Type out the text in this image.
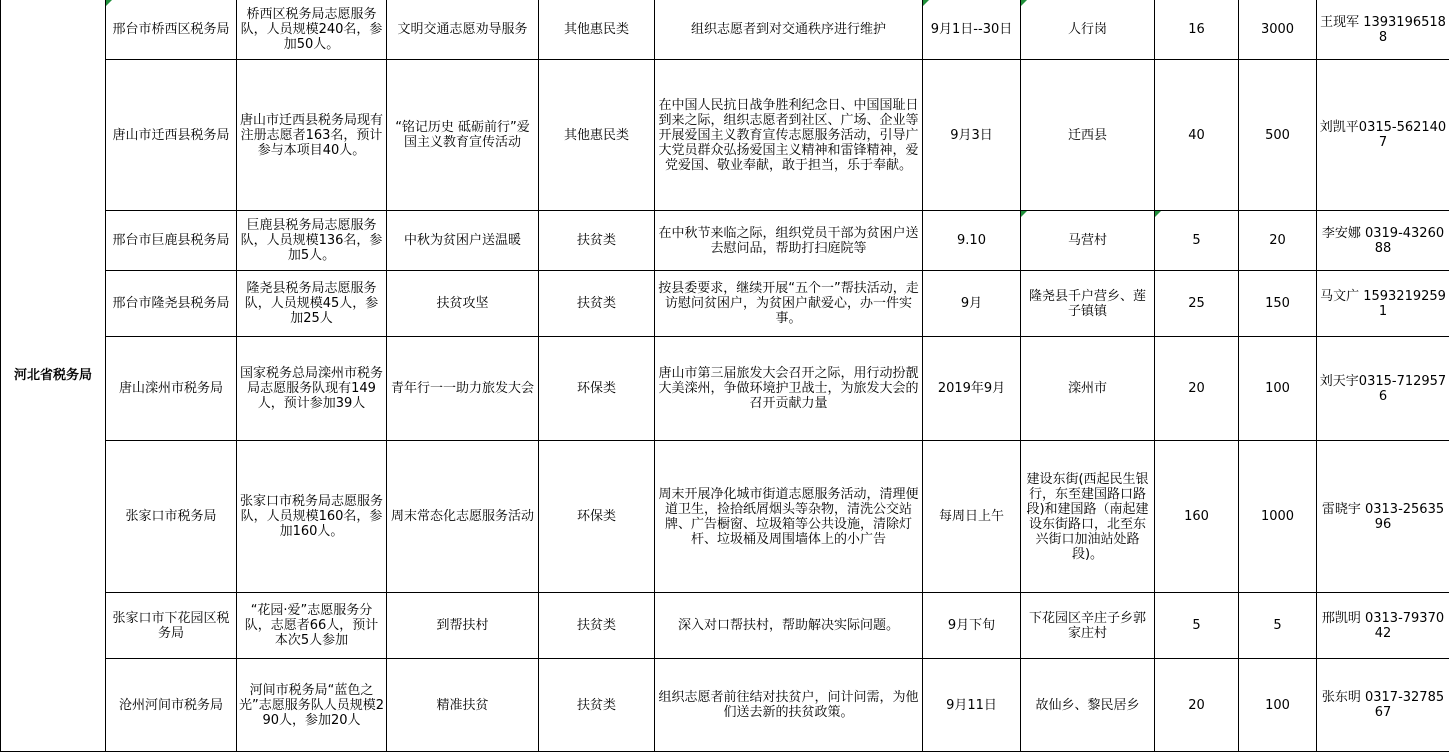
河北省税务局	邢台市桥西区税务局	桥西区税务局志愿服务队，人员规模240名，参加50人。	文明交通志愿劝导服务	其他惠民类	组织志愿者到对交通秩序进行维护	9月1日--30日	人行岗	16	3000	王现军 13931965188
	唐山市迁西县税务局	唐山市迁西县税务局现有注册志愿者163名，预计参与本项目40人。	“铭记历史 砥砺前行”爱国主义教育宣传活动	其他惠民类	在中国人民抗日战争胜利纪念日、中国国耻日到来之际，组织志愿者到社区、广场、企业等开展爱国主义教育宣传志愿服务活动，引导广大党员群众弘扬爱国主义精神和雷锋精神，爱党爱国、敬业奉献，敢于担当，乐于奉献。	9月3日	迁西县	40	500	刘凯平0315-5621407
	邢台市巨鹿县税务局	巨鹿县税务局志愿服务队，人员规模136名，参加5人。	中秋为贫困户送温暖	扶贫类	在中秋节来临之际，组织党员干部为贫困户送去慰问品，帮助打扫庭院等	9.10	马营村	5	20	李安娜 0319-4326088
	邢台市隆尧县税务局	隆尧县税务局志愿服务队，人员规模45人，参加25人	扶贫攻坚	扶贫类	按县委要求，继续开展“五个一”帮扶活动，走访慰问贫困户，为贫困户献爱心，办一件实事。	9月	隆尧县千户营乡、莲子镇镇	25	150	马文广 15932192591
	唐山滦州市税务局	国家税务总局滦州市税务局志愿服务队现有149人，预计参加39人	青年行一一助力旅发大会	环保类	唐山市第三届旅发大会召开之际，用行动扮靓大美滦州，争做环境护卫战士，为旅发大会的召开贡献力量	2019年9月	滦州市	20	100	刘天宇0315-7129576
	张家口市税务局	张家口市税务局志愿服务队，人员规模160名，参加160人。	周末常态化志愿服务活动	环保类	周末开展净化城市街道志愿服务活动，清理便道卫生，捡拾纸屑烟头等杂物，清洗公交站牌、广告橱窗、垃圾箱等公共设施，清除灯杆、垃圾桶及周围墙体上的小广告	每周日上午	建设东街(西起民生银行，东至建国路口路段)和建国路（南起建设东街路口，北至东兴街口加油站处路段)。	160	1000	雷晓宇 0313-2563596
	张家口市下花园区税务局	“花园·爱”志愿服务分队，志愿者66人，预计本次5人参加	到帮扶村	扶贫类	深入对口帮扶村，帮助解决实际问题。	9月下旬	下花园区辛庄子乡郭家庄村	5	5	邢凯明 0313-7937042
	沧州河间市税务局	河间市税务局“蓝色之光”志愿服务队人员规模290人，参加20人	精准扶贫	扶贫类	组织志愿者前往结对扶贫户，问计问需，为他们送去新的扶贫政策。	9月11日	故仙乡、黎民居乡	20	100	张东明 0317-3278567
